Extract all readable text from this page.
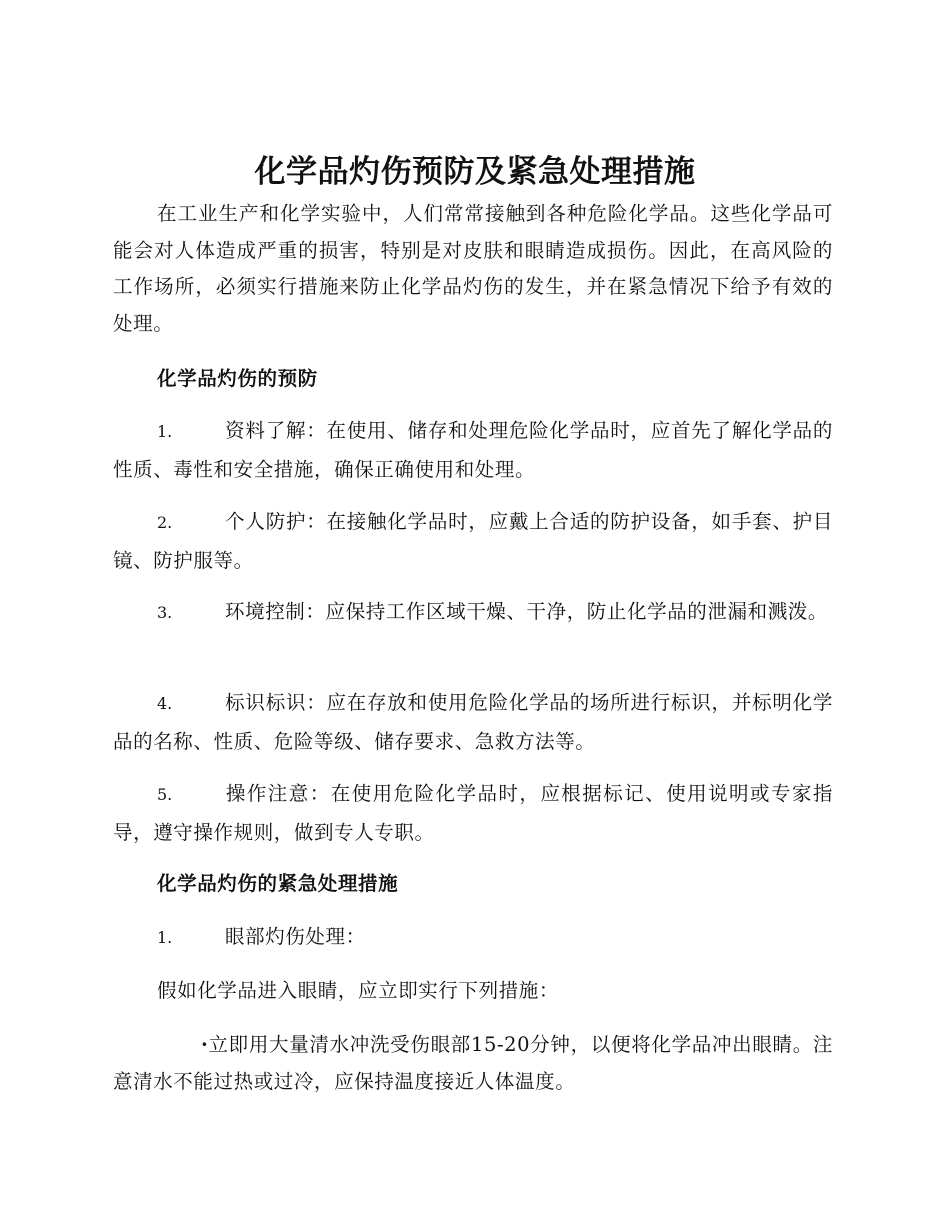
化学品灼伤预防及紧急处理措施
在工业生产和化学实验中，人们常常接触到各种危险化学品。这些化学品可能会对人体造成严重的损害，特别是对皮肤和眼睛造成损伤。因此，在高风险的工作场所，必须实行措施来防止化学品灼伤的发生，并在紧急情况下给予有效的处理。
化学品灼伤的预防
1.	资料了解：在使用、储存和处理危险化学品时，应首先了解化学品的性质、毒性和安全措施，确保正确使用和处理。
2.	个人防护：在接触化学品时，应戴上合适的防护设备，如手套、护目镜、防护服等。
3.	环境控制：应保持工作区域干燥、干净，防止化学品的泄漏和溅泼。
4.	标识标识：应在存放和使用危险化学品的场所进行标识，并标明化学品的名称、性质、危险等级、储存要求、急救方法等。
5.	操作注意：在使用危险化学品时，应根据标记、使用说明或专家指导，遵守操作规则，做到专人专职。
化学品灼伤的紧急处理措施
1.	眼部灼伤处理：
假如化学品进入眼睛，应立即实行下列措施：
·立即用大量清水冲洗受伤眼部15-20分钟，以便将化学品冲出眼睛。注意清水不能过热或过冷，应保持温度接近人体温度。
